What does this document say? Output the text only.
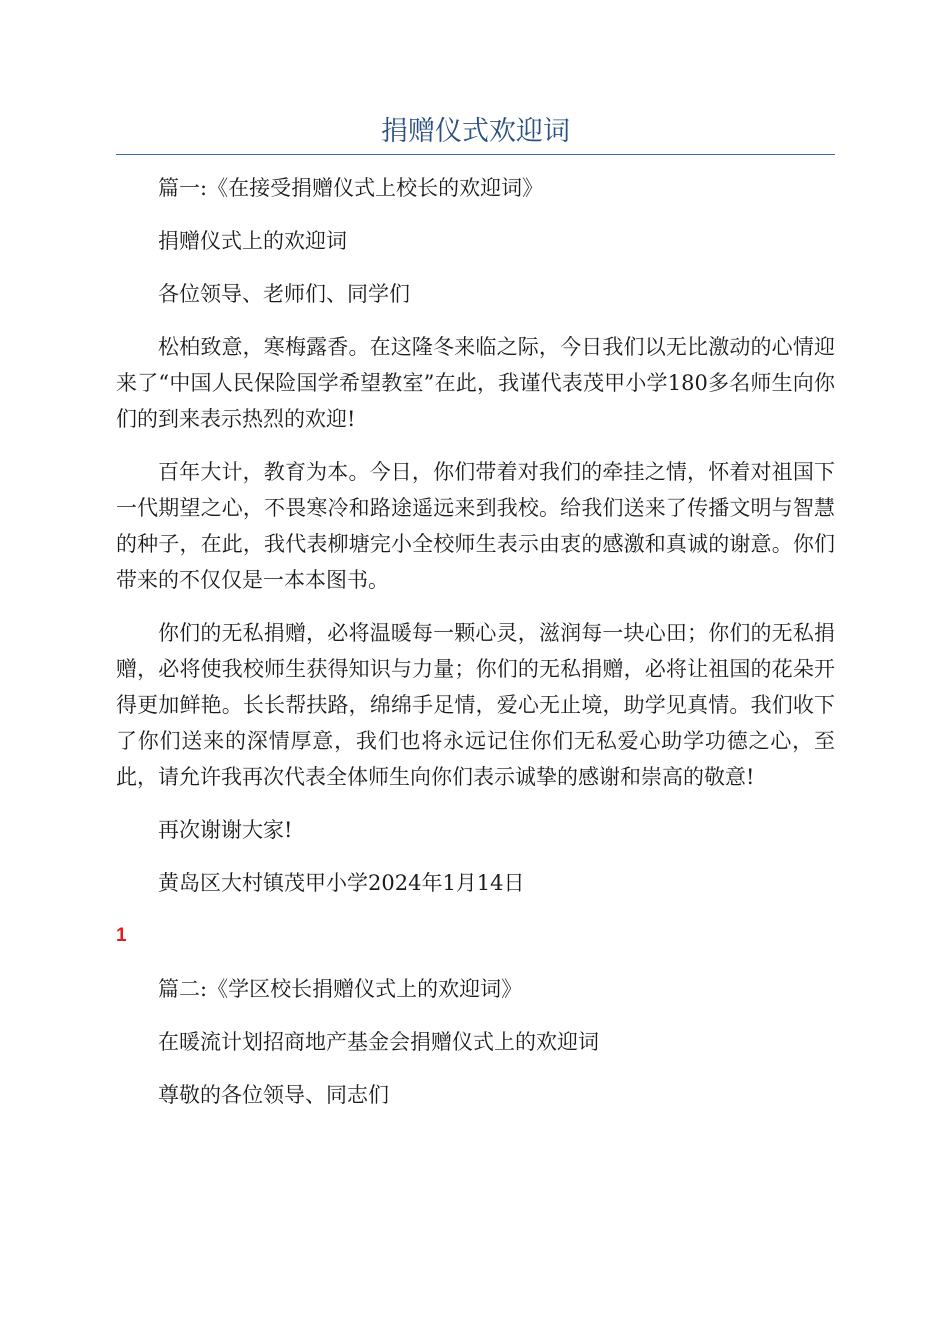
捐赠仪式欢迎词

篇一:《在接受捐赠仪式上校长的欢迎词》

捐赠仪式上的欢迎词

各位领导、老师们、同学们

松柏致意，寒梅露香。在这隆冬来临之际，今日我们以无比激动的心情迎来了“中国人民保险国学希望教室”在此，我谨代表茂甲小学180多名师生向你们的到来表示热烈的欢迎!

百年大计，教育为本。今日，你们带着对我们的牵挂之情，怀着对祖国下一代期望之心，不畏寒冷和路途遥远来到我校。给我们送来了传播文明与智慧的种子，在此，我代表柳塘完小全校师生表示由衷的感激和真诚的谢意。你们带来的不仅仅是一本本图书。

你们的无私捐赠，必将温暖每一颗心灵，滋润每一块心田；你们的无私捐赠，必将使我校师生获得知识与力量；你们的无私捐赠，必将让祖国的花朵开得更加鲜艳。长长帮扶路，绵绵手足情，爱心无止境，助学见真情。我们收下了你们送来的深情厚意，我们也将永远记住你们无私爱心助学功德之心，至此，请允许我再次代表全体师生向你们表示诚挚的感谢和崇高的敬意!

再次谢谢大家!

黄岛区大村镇茂甲小学2024年1月14日

1

篇二:《学区校长捐赠仪式上的欢迎词》

在暖流计划招商地产基金会捐赠仪式上的欢迎词

尊敬的各位领导、同志们
